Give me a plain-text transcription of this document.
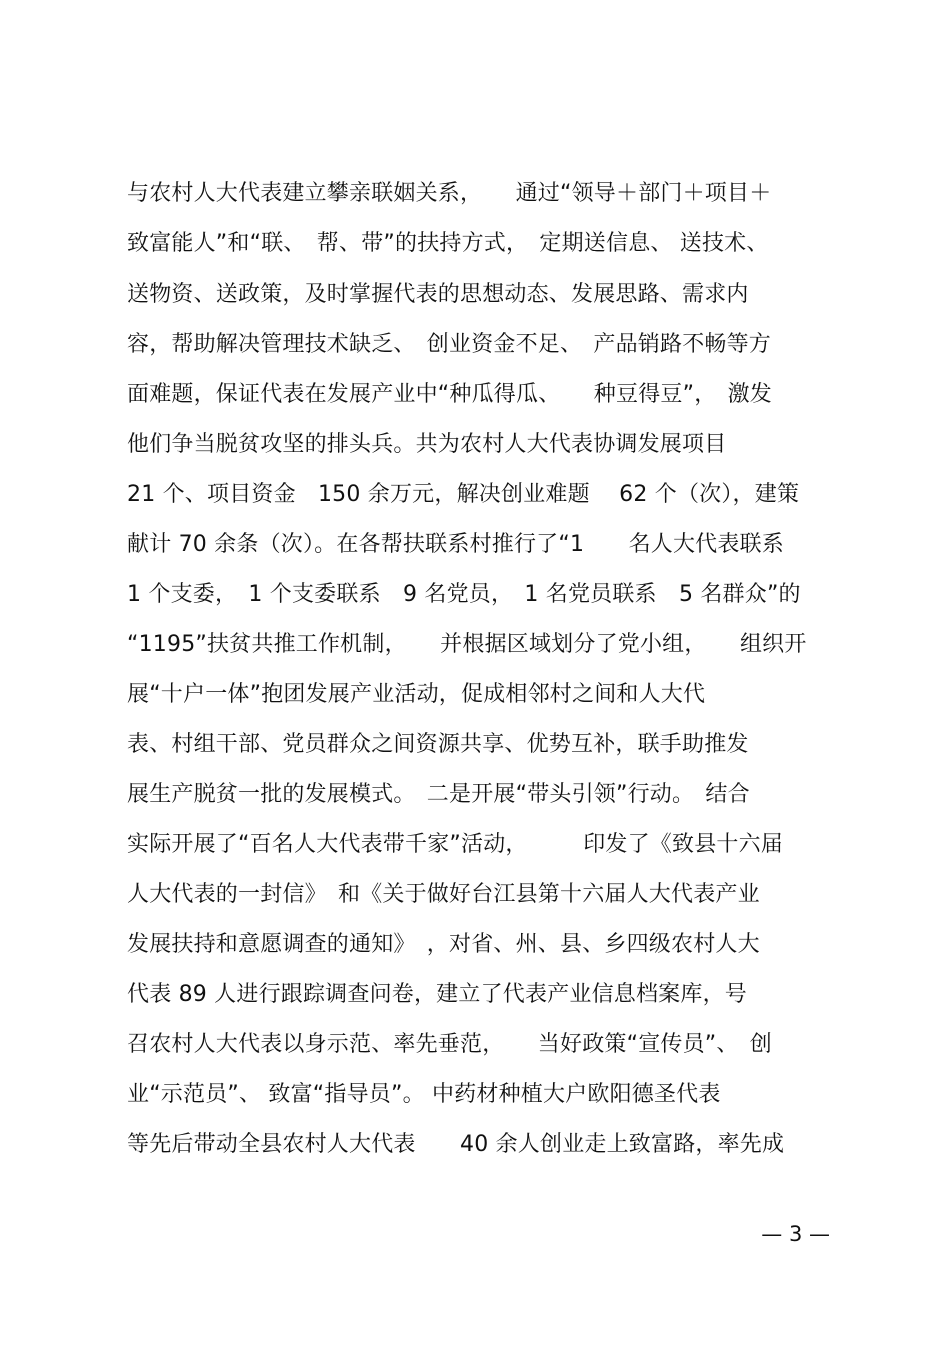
与农村人大代表建立攀亲联姻关系，　　通过“领导＋部门＋项目＋
致富能人”和“联、　帮、带”的扶持方式，　定期送信息、 送技术、
送物资、送政策，及时掌握代表的思想动态、发展思路、需求内
容，帮助解决管理技术缺乏、　创业资金不足、　产品销路不畅等方
面难题，保证代表在发展产业中“种瓜得瓜、　　种豆得豆”，　激发
他们争当脱贫攻坚的排头兵。共为农村人大代表协调发展项目
21 个、项目资金　150 余万元，解决创业难题　 62 个（次），建策
献计 70 余条（次）。在各帮扶联系村推行了“1　　名人大代表联系
1 个支委，　1 个支委联系　9 名党员，　1 名党员联系　5 名群众”的
“1195”扶贫共推工作机制，　　并根据区域划分了党小组，　　组织开
展“十户一体”抱团发展产业活动，促成相邻村之间和人大代
表、村组干部、党员群众之间资源共享、优势互补，联手助推发
展生产脱贫一批的发展模式。　二是开展“带头引领”行动。　结合
实际开展了“百名人大代表带千家”活动，　　　印发了《致县十六届
人大代表的一封信》　和《关于做好台江县第十六届人大代表产业
发展扶持和意愿调查的通知》　，对省、州、县、乡四级农村人大
代表 89 人进行跟踪调查问卷，建立了代表产业信息档案库，号
召农村人大代表以身示范、率先垂范，　　当好政策“宣传员”、　创
业“示范员”、 致富“指导员”。 中药材种植大户欧阳德圣代表
等先后带动全县农村人大代表　　40 余人创业走上致富路，率先成
— 3 —
